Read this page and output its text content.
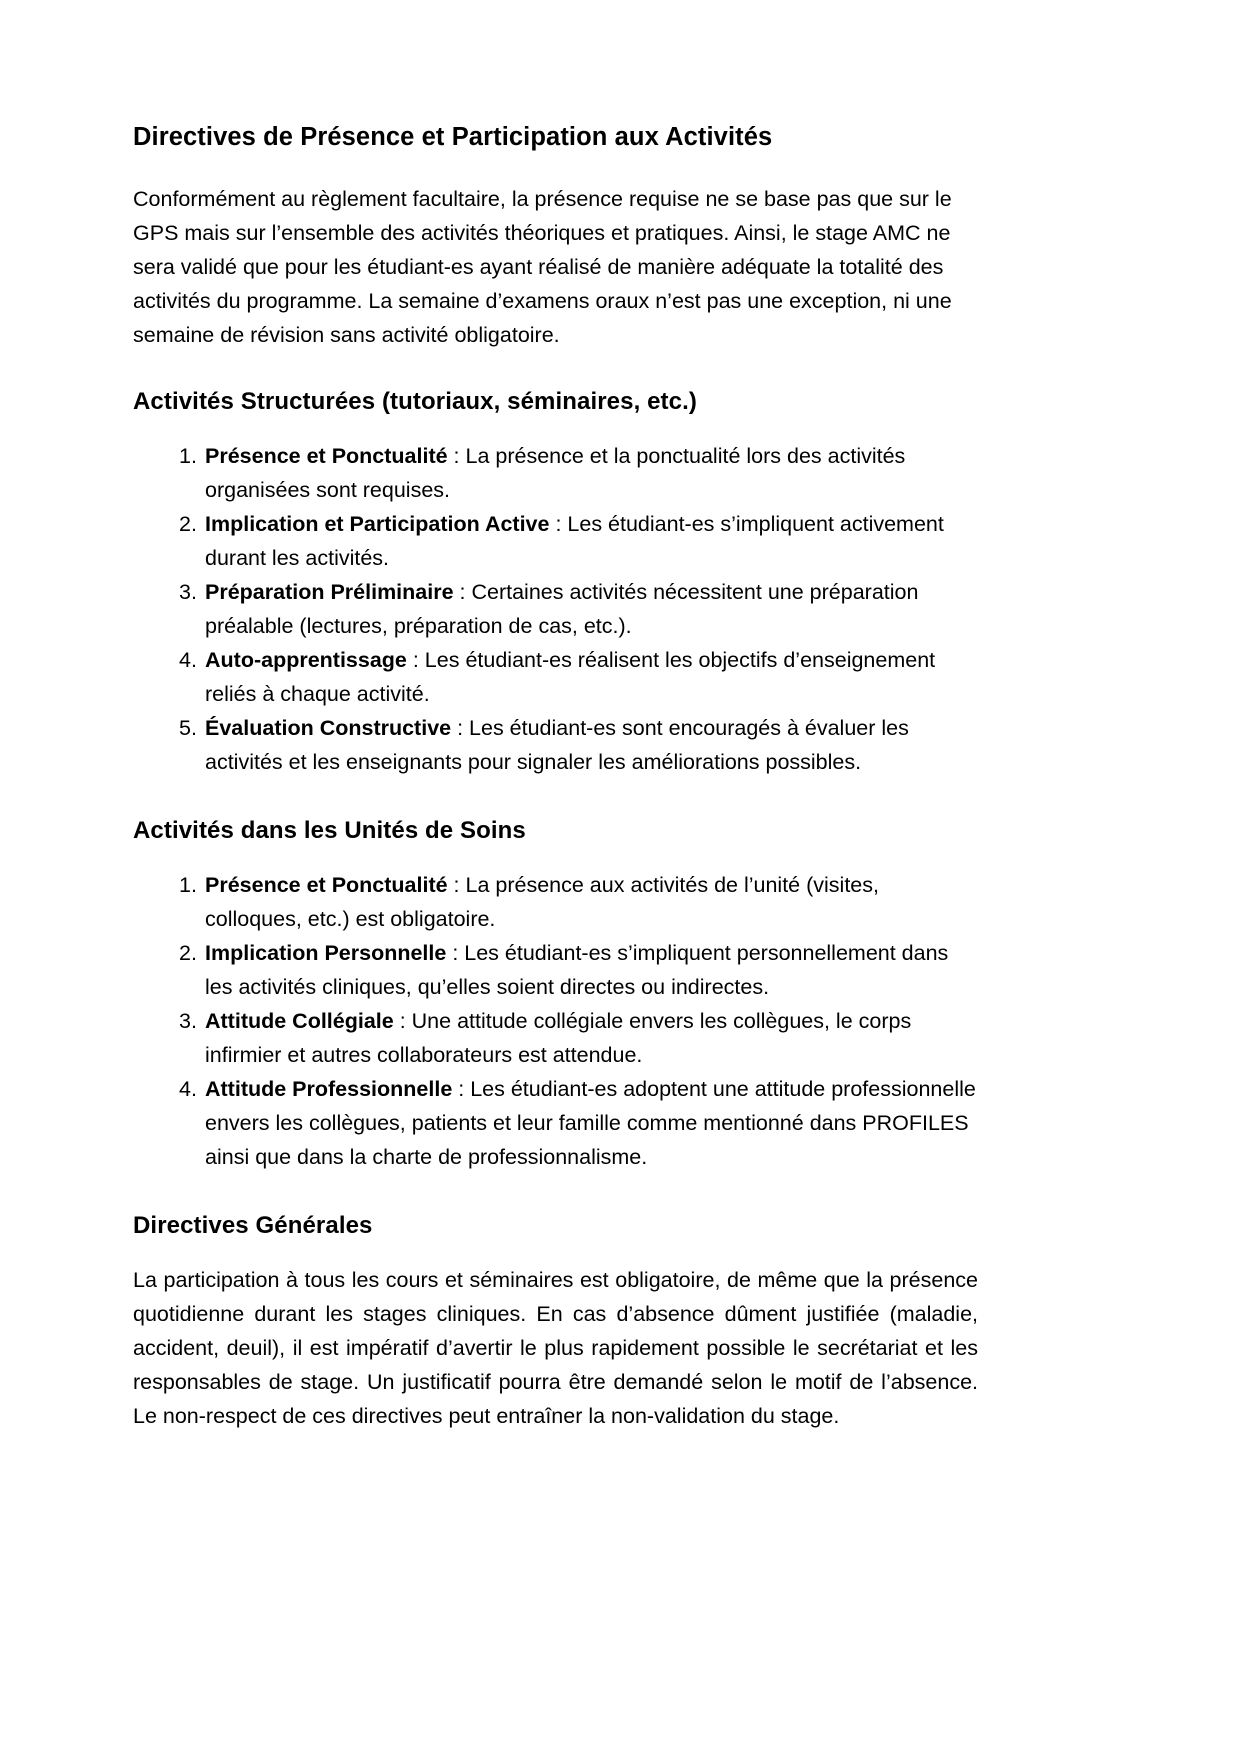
Directives de Présence et Participation aux Activités

Conformément au règlement facultaire, la présence requise ne se base pas que sur le GPS mais sur l’ensemble des activités théoriques et pratiques. Ainsi, le stage AMC ne sera validé que pour les étudiant-es ayant réalisé de manière adéquate la totalité des activités du programme. La semaine d’examens oraux n’est pas une exception, ni une semaine de révision sans activité obligatoire.

Activités Structurées (tutoriaux, séminaires, etc.)
Présence et Ponctualité : La présence et la ponctualité lors des activités organisées sont requises.
Implication et Participation Active : Les étudiant-es s’impliquent activement durant les activités.
Préparation Préliminaire : Certaines activités nécessitent une préparation préalable (lectures, préparation de cas, etc.).
Auto-apprentissage : Les étudiant-es réalisent les objectifs d’enseignement reliés à chaque activité.
Évaluation Constructive : Les étudiant-es sont encouragés à évaluer les activités et les enseignants pour signaler les améliorations possibles.
Activités dans les Unités de Soins
Présence et Ponctualité : La présence aux activités de l’unité (visites, colloques, etc.) est obligatoire.
Implication Personnelle : Les étudiant-es s’impliquent personnellement dans les activités cliniques, qu’elles soient directes ou indirectes.
Attitude Collégiale : Une attitude collégiale envers les collègues, le corps infirmier et autres collaborateurs est attendue.
Attitude Professionnelle : Les étudiant-es adoptent une attitude professionnelle envers les collègues, patients et leur famille comme mentionné dans PROFILES ainsi que dans la charte de professionnalisme.
Directives Générales

La participation à tous les cours et séminaires est obligatoire, de même que la présence quotidienne durant les stages cliniques. En cas d’absence dûment justifiée (maladie, accident, deuil), il est impératif d’avertir le plus rapidement possible le secrétariat et les responsables de stage. Un justificatif pourra être demandé selon le motif de l’absence. Le non-respect de ces directives peut entraîner la non-validation du stage.
